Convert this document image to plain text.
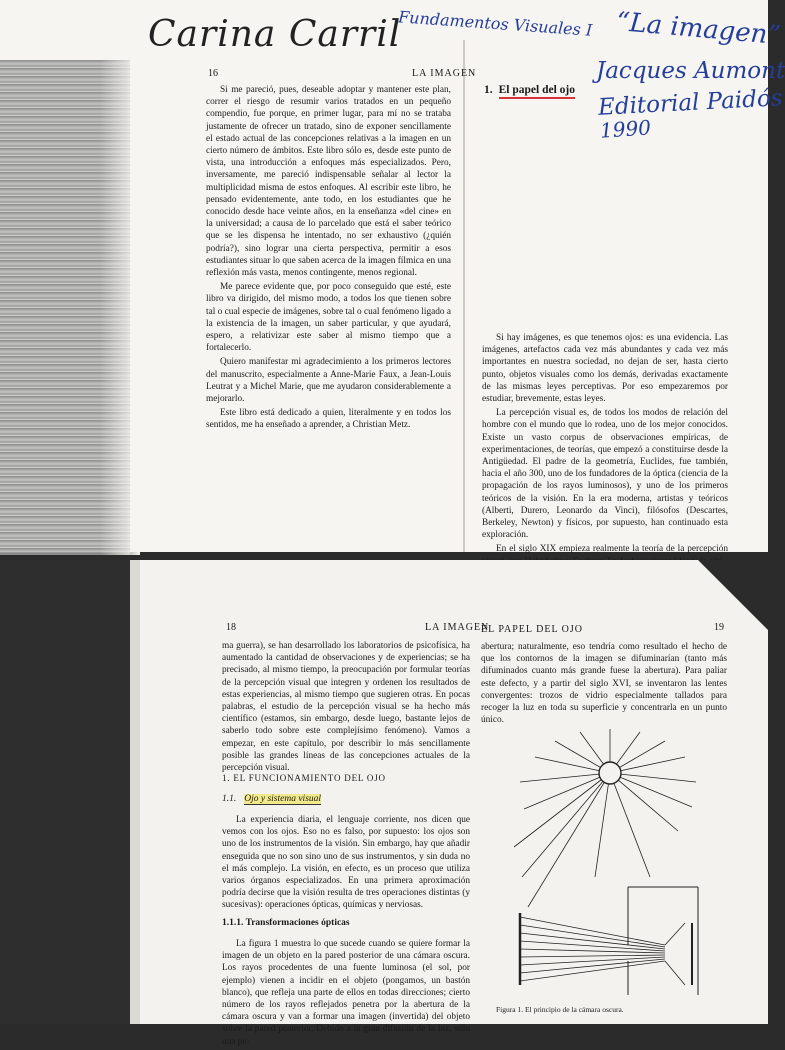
Carina Carril
Fundamentos Visuales I “La imagen”
Jacques Aumont
Editorial Paidós
1990
16	LA IMAGEN

Si me pareció, pues, deseable adoptar y mantener este plan, correr el riesgo de resumir varios tratados en un pequeño compendio, fue porque, en primer lugar, para mí no se trataba justamente de ofrecer un tratado, sino de exponer sencillamente el estado actual de las concepciones relativas a la imagen en un cierto número de ámbitos. Este libro sólo es, desde este punto de vista, una introducción a enfoques más especializados. Pero, inversamente, me pareció indispensable señalar al lector la multiplicidad misma de estos enfoques. Al escribir este libro, he pensado evidentemente, ante todo, en los estudiantes que he conocido desde hace veinte años, en la enseñanza «del cine» en la universidad; a causa de lo parcelado que está el saber teórico que se les dispensa he intentado, no ser exhaustivo (¿quién podría?), sino lograr una cierta perspectiva, permitir a esos estudiantes situar lo que saben acerca de la imagen fílmica en una reflexión más vasta, menos contingente, menos regional.

Me parece evidente que, por poco conseguido que esté, este libro va dirigido, del mismo modo, a todos los que tienen sobre tal o cual especie de imágenes, sobre tal o cual fenómeno ligado a la existencia de la imagen, un saber particular, y que ayudará, espero, a relativizar este saber al mismo tiempo que a fortalecerlo.

Quiero manifestar mi agradecimiento a los primeros lectores del manuscrito, especialmente a Anne-Marie Faux, a Jean-Louis Leutrat y a Michel Marie, que me ayudaron considerablemente a mejorarlo.

Este libro está dedicado a quien, literalmente y en todos los sentidos, me ha enseñado a aprender, a Christian Metz.

1. El papel del ojo

Si hay imágenes, es que tenemos ojos: es una evidencia. Las imágenes, artefactos cada vez más abundantes y cada vez más importantes en nuestra sociedad, no dejan de ser, hasta cierto punto, objetos visuales como los demás, derivadas exactamente de las mismas leyes perceptivas. Por eso empezaremos por estudiar, brevemente, estas leyes.

La percepción visual es, de todos los modos de relación del hombre con el mundo que lo rodea, uno de los mejor conocidos. Existe un vasto corpus de observaciones empíricas, de experimentaciones, de teorías, que empezó a constituirse desde la Antigüedad. El padre de la geometría, Euclides, fue también, hacia el año 300, uno de los fundadores de la óptica (ciencia de la propagación de los rayos luminosos), y uno de los primeros teóricos de la visión. En la era moderna, artistas y teóricos (Alberti, Durero, Leonardo da Vinci), filósofos (Descartes, Berkeley, Newton) y físicos, por supuesto, han continuado esta exploración.

En el siglo XIX empieza realmente la teoría de la percepción

18	LA IMAGEN

ma guerra), se han desarrollado los laboratorios de psicofísica, ha aumentado la cantidad de observaciones y de experiencias; se ha precisado, al mismo tiempo, la preocupación por formular teorías de la percepción visual que integren y ordenen los resultados de estas experiencias, al mismo tiempo que sugieren otras. En pocas palabras, el estudio de la percepción visual se ha hecho más científico (estamos, sin embargo, desde luego, bastante lejos de saberlo todo sobre este complejísimo fenómeno). Vamos a empezar, en este capítulo, por describir lo más sencillamente posible las grandes líneas de las concepciones actuales de la percepción visual.

1. EL FUNCIONAMIENTO DEL OJO
1.1. Ojo y sistema visual

La experiencia diaria, el lenguaje corriente, nos dicen que vemos con los ojos. Eso no es falso, por supuesto: los ojos son uno de los instrumentos de la visión. Sin embargo, hay que añadir enseguida que no son sino uno de sus instrumentos, y sin duda no el más complejo. La visión, en efecto, es un proceso que utiliza varios órganos especializados. En una primera aproximación podría decirse que la visión resulta de tres operaciones distintas (y sucesivas): operaciones ópticas, químicas y nerviosas.

1.1.1. Transformaciones ópticas

La figura 1 muestra lo que sucede cuando se quiere formar la imagen de un objeto en la pared posterior de una cámara oscura. Los rayos procedentes de una fuente luminosa (el sol, por ejemplo) vienen a incidir en el objeto (pongamos, un bastón blanco), que refleja una parte de ellos en todas direcciones; cierto número de los rayos reflejados penetra por la abertura de la cámara oscura y van a formar una imagen (invertida) del objeto sobre la pared posterior. Debido a la gran difusión de la luz, sólo una pe-

EL PAPEL DEL OJO	19

abertura; naturalmente, eso tendría como resultado el hecho de que los contornos de la imagen se difuminarían (tanto más difuminados cuanto más grande fuese la abertura). Para paliar este defecto, y a partir del siglo XVI, se inventaron las lentes convergentes: trozos de vidrio especialmente tallados para recoger la luz en toda su superficie y concentrarla en un punto único.

Figura 1. El principio de la cámara oscura.
